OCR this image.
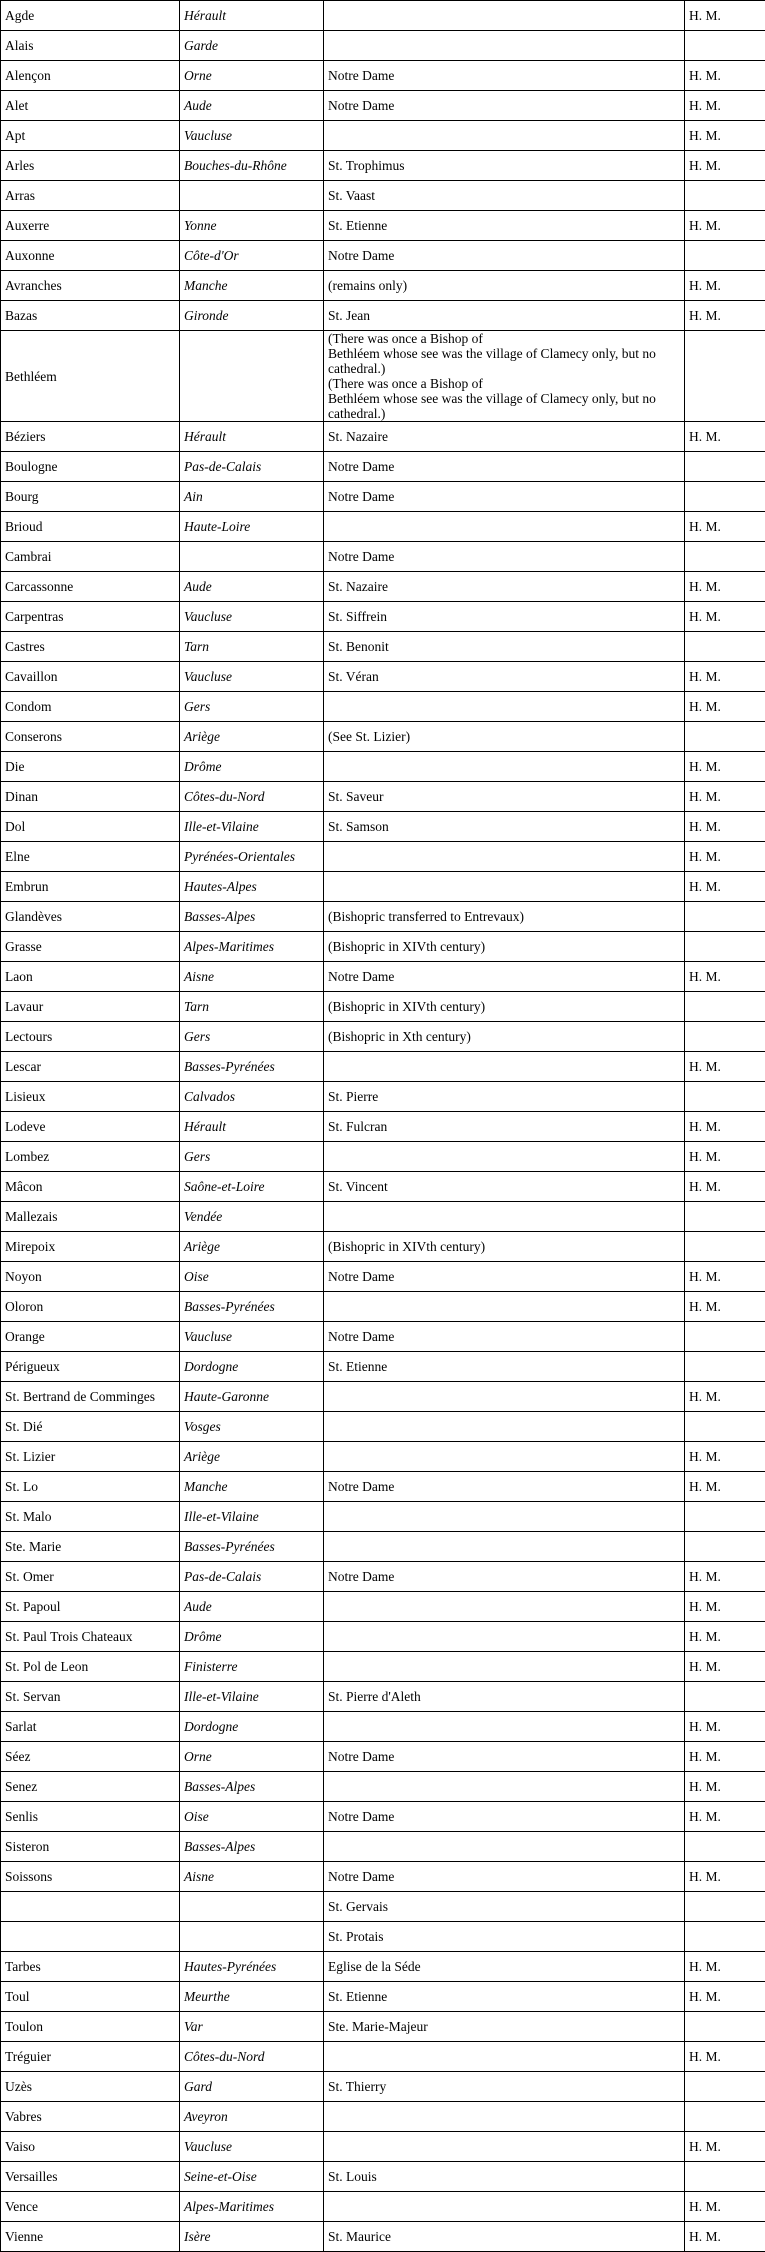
Agde	Hérault		H. M.
Alais	Garde		
Alençon	Orne	Notre Dame	H. M.
Alet	Aude	Notre Dame	H. M.
Apt	Vaucluse		H. M.
Arles	Bouches-du-Rhône	St. Trophimus	H. M.
Arras		St. Vaast	
Auxerre	Yonne	St. Etienne	H. M.
Auxonne	Côte-d'Or	Notre Dame	
Avranches	Manche	(remains only)	H. M.
Bazas	Gironde	St. Jean	H. M.
Bethléem		(There was once a Bishop of
Bethléem whose see was the village of Clamecy only, but no cathedral.)
(There was once a Bishop of
Bethléem whose see was the village of Clamecy only, but no cathedral.)	

Béziers	Hérault	St. Nazaire	H. M.
Boulogne	Pas-de-Calais	Notre Dame	
Bourg	Ain	Notre Dame	
Brioud	Haute-Loire		H. M.
Cambrai		Notre Dame	
Carcassonne	Aude	St. Nazaire	H. M.
Carpentras	Vaucluse	St. Siffrein	H. M.
Castres	Tarn	St. Benonit	
Cavaillon	Vaucluse	St. Véran	H. M.
Condom	Gers		H. M.
Conserons	Ariège	(See St. Lizier)	
Die	Drôme		H. M.
Dinan	Côtes-du-Nord	St. Saveur	H. M.
Dol	Ille-et-Vilaine	St. Samson	H. M.
Elne	Pyrénées-Orientales		H. M.
Embrun	Hautes-Alpes		H. M.
Glandèves	Basses-Alpes	(Bishopric transferred to Entrevaux)	
Grasse	Alpes-Maritimes	(Bishopric in XIVth century)	
Laon	Aisne	Notre Dame	H. M.
Lavaur	Tarn	(Bishopric in XIVth century)	
Lectours	Gers	(Bishopric in Xth century)	
Lescar	Basses-Pyrénées		H. M.
Lisieux	Calvados	St. Pierre	
Lodeve	Hérault	St. Fulcran	H. M.
Lombez	Gers		H. M.
Mâcon	Saône-et-Loire	St. Vincent	H. M.
Mallezais	Vendée		
Mirepoix	Ariège	(Bishopric in XIVth century)	
Noyon	Oise	Notre Dame	H. M.
Oloron	Basses-Pyrénées		H. M.
Orange	Vaucluse	Notre Dame	
Périgueux	Dordogne	St. Etienne	
St. Bertrand de Comminges	Haute-Garonne		H. M.
St. Dié	Vosges		
St. Lizier	Ariège		H. M.
St. Lo	Manche	Notre Dame	H. M.
St. Malo	Ille-et-Vilaine		
Ste. Marie	Basses-Pyrénées		
St. Omer	Pas-de-Calais	Notre Dame	H. M.
St. Papoul	Aude		H. M.
St. Paul Trois Chateaux	Drôme		H. M.
St. Pol de Leon	Finisterre		H. M.
St. Servan	Ille-et-Vilaine	St. Pierre d'Aleth	
Sarlat	Dordogne		H. M.
Séez	Orne	Notre Dame	H. M.
Senez	Basses-Alpes		H. M.
Senlis	Oise	Notre Dame	H. M.
Sisteron	Basses-Alpes		
Soissons	Aisne	Notre Dame	H. M.
		St. Gervais	
		St. Protais	
Tarbes	Hautes-Pyrénées	Eglise de la Séde	H. M.
Toul	Meurthe	St. Etienne	H. M.
Toulon	Var	Ste. Marie-Majeur	
Tréguier	Côtes-du-Nord		H. M.
Uzès	Gard	St. Thierry	
Vabres	Aveyron		
Vaiso	Vaucluse		H. M.
Versailles	Seine-et-Oise	St. Louis	
Vence	Alpes-Maritimes		H. M.
Vienne	Isère	St. Maurice	H. M.
